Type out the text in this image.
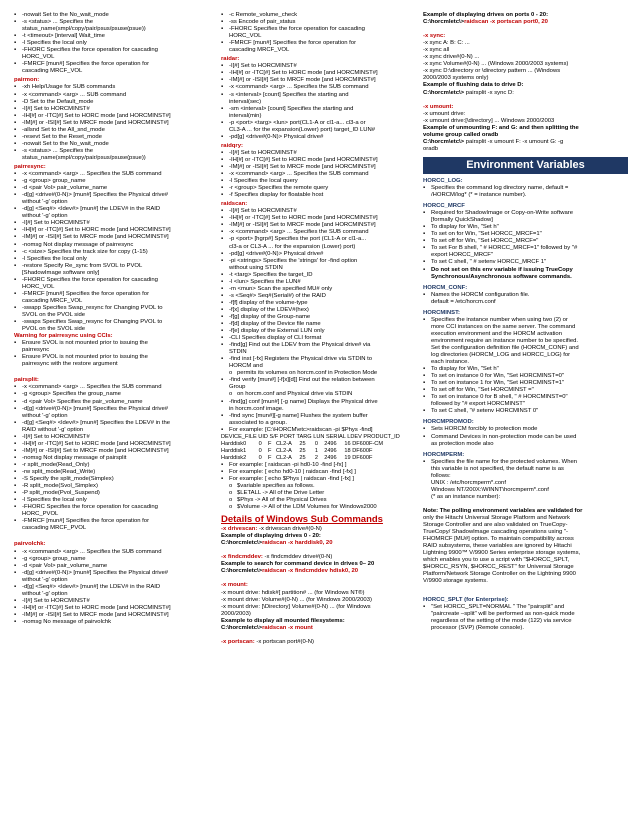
▪ -nowait Set to the No_wait_mode
▪ -s <status> ... Specifies the
status_name(smpl/copy/pair/psus/psuse(psue))
▪ -t <timeout> [interval] Wait_time
▪ -l Specifies the local only
▪ -FHORC Specifies the force operation for cascading
HORC_VOL
▪ -FMRCF [mun#] Specifies the force operation for
cascading MRCF_VOL
pairmon:
▪ -xh Help/Usage for SUB commands
▪ -x <command> <arg> ... SUB command
▪ -D Set to the Default_mode
▪ -I[#] Set to HORCMINST#
▪ -IH[#] or -ITC[#] Set to HORC mode [and HORCMINST#]
▪ -IM[#] or -ISI[#] Set to MRCF mode [and HORCMINST#]
▪ -allsnd Set to the All_snd_mode
▪ -resevt Set to the Reset_mode
▪ -nowait Set to the No_wait_mode
▪ -s <status> ... Specifies the
status_name(smpl/copy/pair/psus/psuse(psue))
pairresync:
▪ -x <command> <arg> ... Specifies the SUB command
▪ -g <group> group_name
▪ -d <pair Vol> pair_volume_name
▪ -d[g] <drive#(0-N)> [mun#] Specifies the Physical drive#
without '-g' option
▪ -d[g] <Seq#> <ldev#> [mun#] the LDEV# in the RAID
without '-g' option
▪ -I[#] Set to HORCMINST#
▪ -IH[#] or -ITC[#] Set to HORC mode [and HORCMINST#]
▪ -IM[#] or -ISI[#] Set to MRCF mode [and HORCMINST#]
▪ -nomsg Not display message of pairresync
▪ -c <size> Specifies the track size for copy (1-15)
▪ -l Specifies the local only
▪ -restore Specify Re_sync from SVOL to PVOL
[ShadowImage software only]
▪ -FHORC Specifies the force operation for cascading
HORC_VOL
▪ -FMRCF [mun#] Specifies the force operation for
cascading MRCF_VOL
▪ -swapp Specifies Swap_resync for Changing PVOL to
SVOL on the PVOL side
▪ -swaps Specifies Swap_resync for Changing PVOL to
PVOL on the SVOL side
Warning for pairresync using CCIs:
▪ Ensure SVOL is not mounted prior to issuing the
pairresync
▪ Ensure PVOL is not mounted prior to issuing the
pairresync with the restore argument

pairsplit:
▪ -x <command> <arg> ... Specifies the SUB command
▪ -g <group> Specifies the group_name
▪ -d <pair Vol> Specifies the pair_volume_name
▪ -d[g] <drive#(0-N)> [mun#] Specifies the Physical drive#
without '-g' option
▪ -d[g] <Seq#> <ldev#> [mun#] Specifies the LDEV# in the
RAID without '-g' option
▪ -I[#] Set to HORCMINST#
▪ -IH[#] or -ITC[#] Set to HORC mode [and HORCMINST#]
▪ -IM[#] or -ISI[#] Set to MRCF mode [and HORCMINST#]
▪ -nomsg Not display message of pairsplit
▪ -r split_mode(Read_Only)
▪ -rw split_mode(Read_Write)
▪ -S Specify the split_mode(Simplex)
▪ -R split_mode(Svol_Simplex)
▪ -P split_mode(Pvol_Suspend)
▪ -l Specifies the local only
▪ -FHORC Specifies the force operation for cascading
HORC_PVOL
▪ -FMRCF [mun#] Specifies the force operation for
cascading MRCF_PVOL

pairvolchk:
▪ -x <command> <arg> ... Specifies the SUB command
▪ -g <group> group_name
▪ -d <pair Vol> pair_volume_name
▪ -d[g] <drive#(0-N)> [mun#] Specifies the Physical drive#
without '-g' option
▪ -d[g] <Seq#> <ldev#> [mun#] the LDEV# in the RAID
without '-g' option
▪ -I[#] Set to HORCMINST#
▪ -IH[#] or -ITC[#] Set to HORC mode [and HORCMINST#]
▪ -IM[#] or -ISI[#] Set to MRCF mode [and HORCMINST#]
▪ -nomsg No message of pairvolchk
▪ -c Remote_volume_check
▪ -ss Encode of pair_status
▪ -FHORC Specifies the force operation for cascading
HORC_VOL
▪ -FMRCF [mun#] Specifies the force operation for
cascading MRCF_VOL
raidar:
▪ -I[#] Set to HORCMINST#
▪ -IH[#] or -ITC[#] Set to HORC mode [and HORCMINST#]
▪ -IM[#] or -ISI[#] Set to MRCF mode [and HORCMINST#]
▪ -x <command> <arg> ... Specifies the SUB command
▪ -s <interval> [count] Specifies the starting and
interval(sec)
▪ -sm <interval> [count] Specifies the starting and
interval(min)
▪ -p <port> <targ> <lun> port(CL1-A or cl1-a... cl3-a or
CL3-A ... for the expansion(Lower) port) target_ID LUN#
▪ -pd[g] <drive#(0-N)> Physical drive#
raidqry:
▪ -I[#] Set to HORCMINST#
▪ -IH[#] or -ITC[#] Set to HORC mode [and HORCMINST#]
▪ -IM[#] or -ISI[#] Set to MRCF mode [and HORCMINST#]
▪ -x <command> <arg> ... Specifies the SUB command
▪ -l Specifies the local query
▪ -r <group> Specifies the remote query
▪ -f Specifies display for floatable host
raidscan:
▪ -I[#] Set to HORCMINST#
▪ -IH[#] or -ITC[#] Set to HORC mode [and HORCMINST#]
▪ -IM[#] or -ISI[#] Set to MRCF mode [and HORCMINST#]
▪ -x <command> <arg> ... Specifies the SUB command
▪ -p <port> [hgrp#] Specifies the port (CL1-A or cl1-a...
cl3-a or CL3-A ... for the expansion (Lower) port)
▪ -pd[g] <drive#(0-N)> Physical drive#
▪ -pi <strings> Specifies the 'strings' for -find option
without using STDIN
▪ -t <targ> Specifies the target_ID
▪ -l <lun> Specifies the LUN#
▪ -m <mun> Scan the specified MU# only
▪ -s <Seq#> Seq#(Serial#) of the RAID
▪ -f[f] display of the volume-type
▪ -f[x] display of the LDEV#(hex)
▪ -f[g] display of the Group-name
▪ -f[d] display of the Device file name
▪ -f[e] display of the External LUN only
▪ -CLI Specifies display of CLI format
▪ -find[g] Find out the LDEV from the Physical drive# via
STDIN
▪ -find inst [-fx] Registers the Physical drive via STDIN to
HORCM and
o permits its volumes on horcm.conf in Protection Mode
▪ -find verify [mun#] [-f[x][d]] Find out the relation between
Group
o on horcm.conf and Physical drive via STDIN
▪ -find[g] conf [mun#] [-g name] Displays the Physical drive
in horcm.conf image.
▪ -find sync [mun#][-g name] Flushes the system buffer
associated to a group.
▪ For example: [C:\HORCM\etc>raidscan -pi $Phys -find]
DEVICE_FILE UID S/F PORT TARG LUN SERIAL LDEV PRODUCT_ID
Harddisk0        0    F   CL2-A     25      0    2496     16 DF600F-CM
Harddisk1        0    F   CL2-A     25      1    2496     18 DF600F
Harddisk2        0    F   CL2-A     25      2    2496     19 DF600F
▪ For example: [ raidscan -pi hd0-10 -find [-fx] ]
▪ For example: [ echo hd0-10 | raidscan -find [-fx] ]
▪ For example: [ echo $Phys | raidscan -find [-fx] ]
o $variable specifies as follows.
o $LETALL -> All of the Drive Letter
o $Phys -> All of the Physical Drives
o $Volume -> All of the LDM Volumes for Windows2000
Details of Windows Sub Commands
-x drivescan: -x drivescan drive#(0-N)
Example of displaying drives 0 - 20:
C:\horcmletc\>raidscan -x harddisk0, 20

-x findcmddev: -x findcmddev drive#(0-N)
Example to search for command device in drives 0– 20
C:\horcmletc\>raidscan -x findcmddev hdisk0, 20

-x mount:
-x mount drive: hdisk#[ partition# ... (for Windows NT®)
-x mount drive: Volume#(0-N) ... (for Windows 2000/2003)
-x mount drive: [\Directory] Volume#(0-N) ... (for Windows
2000/2003)
Example to display all mounted filesystems:
C:\horcmletc\>raidscan -x mount

-x portscan: -x portscan port#(0-N)
Example of displaying drives on ports 0 - 20:
C:\horcmletc\>raidscan -x portscan port0, 20

-x sync:
-x sync A: B: C: ...
-x sync all
-x sync drive#(0-N) ...
-x sync Volume#(0-N) ... (Windows 2000/2003 systems)
-x sync D:\directory or \directory pattern ... (Windows
2000/2003 systems only)
Example of flushing data to drive D:
C:\horcm\etc\> pairsplit -x sync D:

-x umount:
-x umount drive:
-x umount drive:[\directory] ... Windows 2000/2003
Example of unmounting F: and G: and then splitting the
volume group called oradb
C:\horcm\etc\> pairsplit -x umount F: -x umount G: -g
oradb
Environment Variables
HORCC_LOG:
▪ Specifies the command log directory name, default =
/HORCM/log* (* = instance number).
HORCC_MRCF
▪ Required for ShadowImage or Copy-on-Write software
[formally QuickShadow]
▪ To display for Win, "Set h"
▪ To set on for Win, "Set HORCC_MRCF=1"
▪ To set off for Win, "Set HORCC_MRCF="
▪ To set For B shell, " # HORCC_MRCF=1" followed by "#
export HORCC_MRCF"
▪ To set C shell, " # setenv HORCC_MRCF 1"
▪ Do not set on this env variable if issuing TrueCopy
Synchronous/Asynchronous software commands.
HORCM_CONF:
▪ Names the HORCM configuration file.
default = /etc/horcm.conf
HORCMINST:
▪ Specifies the instance number when using two (2) or
more CCI instances on the same server. The command
execution environment and the HORCM activation
environment require an instance number to be specified.
Set the configuration definition file (HORCM_CONF) and
log directories (HORCM_LOG and HORCC_LOG) for
each instance.
▪ To display for Win, "Set h"
▪ To set on instance 0 for Win, "Set HORCMINST=0"
▪ To set on instance 1 for Win, "Set HORCMINST=1"
▪ To set off for Win, "Set HORCMINST ="
▪ To set on instance 0 for B shell, " # HORCMINST=0"
followed by "# export HORCMINST"
▪ To set C shell, "# setenv HORCMINST 0"
HORCMPROMOD:
▪ Sets HORCM forcibly to protection mode
▪ Command Devices in non-protection mode can be used
as protection mode also
HORCMPERM:
▪ Specifies the file name for the protected volumes. When
this variable is not specified, the default name is as
follows:
UNIX : /etc/horcmperm*.conf
Windows NT/200X:\WINNT\horcmperm*.conf
(* as an instance number):

Note: The polling environment variables are validated for
only the Hitachi Universal Storage Platform and Network
Storage Controller and are also validated on TrueCopy-
TrueCopy/ Shadowlmage cascading operations using "-
FHOMRCF [MU#] option. To maintain compatibility across
RAID subsystems, these variables are ignored by Hitachi
Lightning 9900™ V/9900 Series enterprise storage systems,
which enables you to use a script with "$HORCC_SPLT,
$HORCC_RSYN, $HORCC_REST" for Universal Storage
Platform/Network Storage Controller on the Lightning 9900
V/9900 storage systems.

HORCC_SPLT (for Enterprise):
▪ "Set HORCC_SPLT=NORMAL " The "pairsplit" and
"paircreate –split" will be performed as non-quick mode
regardless of the setting of the mode (122) via service
processor (SVP) (Remote console).
